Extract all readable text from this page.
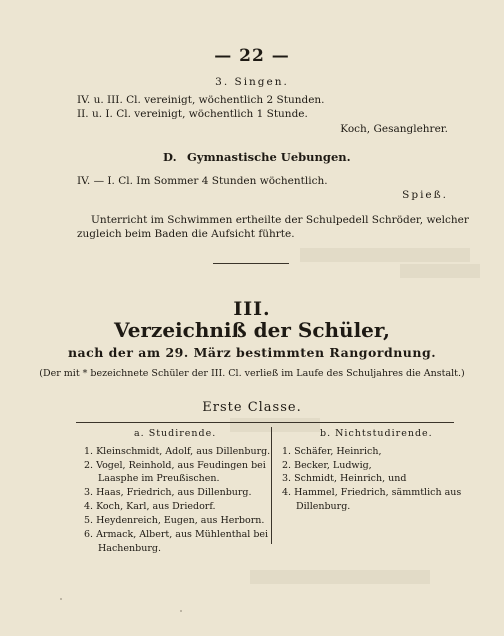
— 22 —
3. Singen.
IV. u. III. Cl. vereinigt, wöchentlich 2 Stunden.
II. u. I. Cl. vereinigt, wöchentlich 1 Stunde.
Koch, Gesanglehrer.
D. Gymnastische Uebungen.
IV. — I. Cl. Im Sommer 4 Stunden wöchentlich.
Spieß.
Unterricht im Schwimmen ertheilte der Schulpedell Schröder, welcher
zugleich beim Baden die Aufsicht führte.
III.
Verzeichniß der Schüler,
nach der am 29. März bestimmten Rangordnung.
(Der mit * bezeichnete Schüler der III. Cl. verließ im Laufe des Schuljahres die Anstalt.)
Erste Classe.
a. Studirende.	b. Nichtstudirende.
1. Kleinschmidt, Adolf, aus Dillenburg.
2. Vogel, Reinhold, aus Feudingen bei
Laasphe im Preußischen.
3. Haas, Friedrich, aus Dillenburg.
4. Koch, Karl, aus Driedorf.
5. Heydenreich, Eugen, aus Herborn.
6. Armack, Albert, aus Mühlenthal bei
Hachenburg.
1. Schäfer, Heinrich,
2. Becker, Ludwig,
3. Schmidt, Heinrich, und
4. Hammel, Friedrich, sämmtlich aus
Dillenburg.
